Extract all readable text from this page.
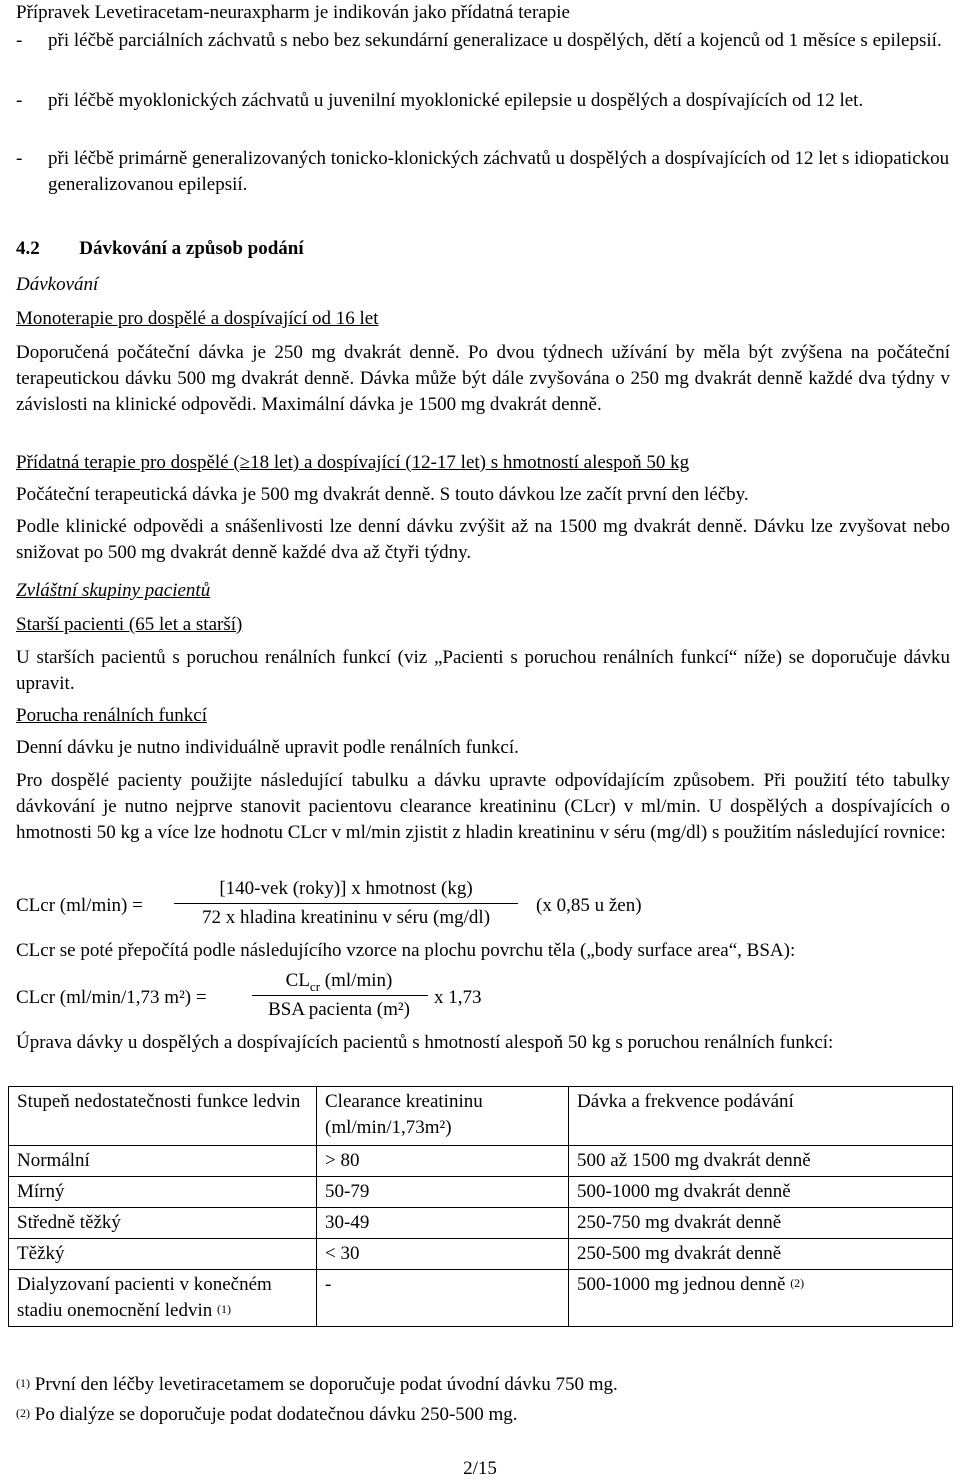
Přípravek Levetiracetam-neuraxpharm je indikován jako přídatná terapie
- při léčbě parciálních záchvatů s nebo bez sekundární generalizace u dospělých, dětí a kojenců od 1 měsíce s epilepsií.
- při léčbě myoklonických záchvatů u juvenilní myoklonické epilepsie u dospělých a dospívajících od 12 let.
- při léčbě primárně generalizovaných tonicko-klonických záchvatů u dospělých a dospívajících od 12 let s idiopatickou generalizovanou epilepsií.
4.2 Dávkování a způsob podání
Dávkování
Monoterapie pro dospělé a dospívající od 16 let
Doporučená počáteční dávka je 250 mg dvakrát denně. Po dvou týdnech užívání by měla být zvýšena na počáteční terapeutickou dávku 500 mg dvakrát denně. Dávka může být dále zvyšována o 250 mg dvakrát denně každé dva týdny v závislosti na klinické odpovědi. Maximální dávka je 1500 mg dvakrát denně.
Přídatná terapie pro dospělé (≥18 let) a dospívající (12-17 let) s hmotností alespoň 50 kg
Počáteční terapeutická dávka je 500 mg dvakrát denně. S touto dávkou lze začít první den léčby.
Podle klinické odpovědi a snášenlivosti lze denní dávku zvýšit až na 1500 mg dvakrát denně. Dávku lze zvyšovat nebo snižovat po 500 mg dvakrát denně každé dva až čtyři týdny.
Zvláštní skupiny pacientů
Starší pacienti (65 let a starší)
U starších pacientů s poruchou renálních funkcí (viz „Pacienti s poruchou renálních funkcí“ níže) se doporučuje dávku upravit.
Porucha renálních funkcí
Denní dávku je nutno individuálně upravit podle renálních funkcí.
Pro dospělé pacienty použijte následující tabulku a dávku upravte odpovídajícím způsobem. Při použití této tabulky dávkování je nutno nejprve stanovit pacientovu clearance kreatininu (CLcr) v ml/min. U dospělých a dospívajících o hmotnosti 50 kg a více lze hodnotu CLcr v ml/min zjistit z hladin kreatininu v séru (mg/dl) s použitím následující rovnice:
CLcr (ml/min) =
[140-vek (roky)] x hmotnost (kg)
72 x hladina kreatininu v séru (mg/dl)
(x 0,85 u žen)
CLcr se poté přepočítá podle následujícího vzorce na plochu povrchu těla („body surface area“, BSA):
CLcr (ml/min/1,73 m²) =
$CL_{cr}$ (ml/min)
BSA pacienta (m²)
x 1,73
Úprava dávky u dospělých a dospívajících pacientů s hmotností alespoň 50 kg s poruchou renálních funkcí:
Stupeň nedostatečnosti funkce ledvin	Clearance kreatininu (ml/min/1,73m²)	Dávka a frekvence podávání
Normální	> 80	500 až 1500 mg dvakrát denně
Mírný	50-79	500-1000 mg dvakrát denně
Středně těžký	30-49	250-750 mg dvakrát denně
Těžký	< 30	250-500 mg dvakrát denně
Dialyzovaní pacienti v konečném stadiu onemocnění ledvin $^{(1)}$	-	500-1000 mg jednou denně $^{(2)}$
$^{(1)}$ První den léčby levetiracetamem se doporučuje podat úvodní dávku 750 mg.
$^{(2)}$ Po dialýze se doporučuje podat dodatečnou dávku 250-500 mg.
2/15
